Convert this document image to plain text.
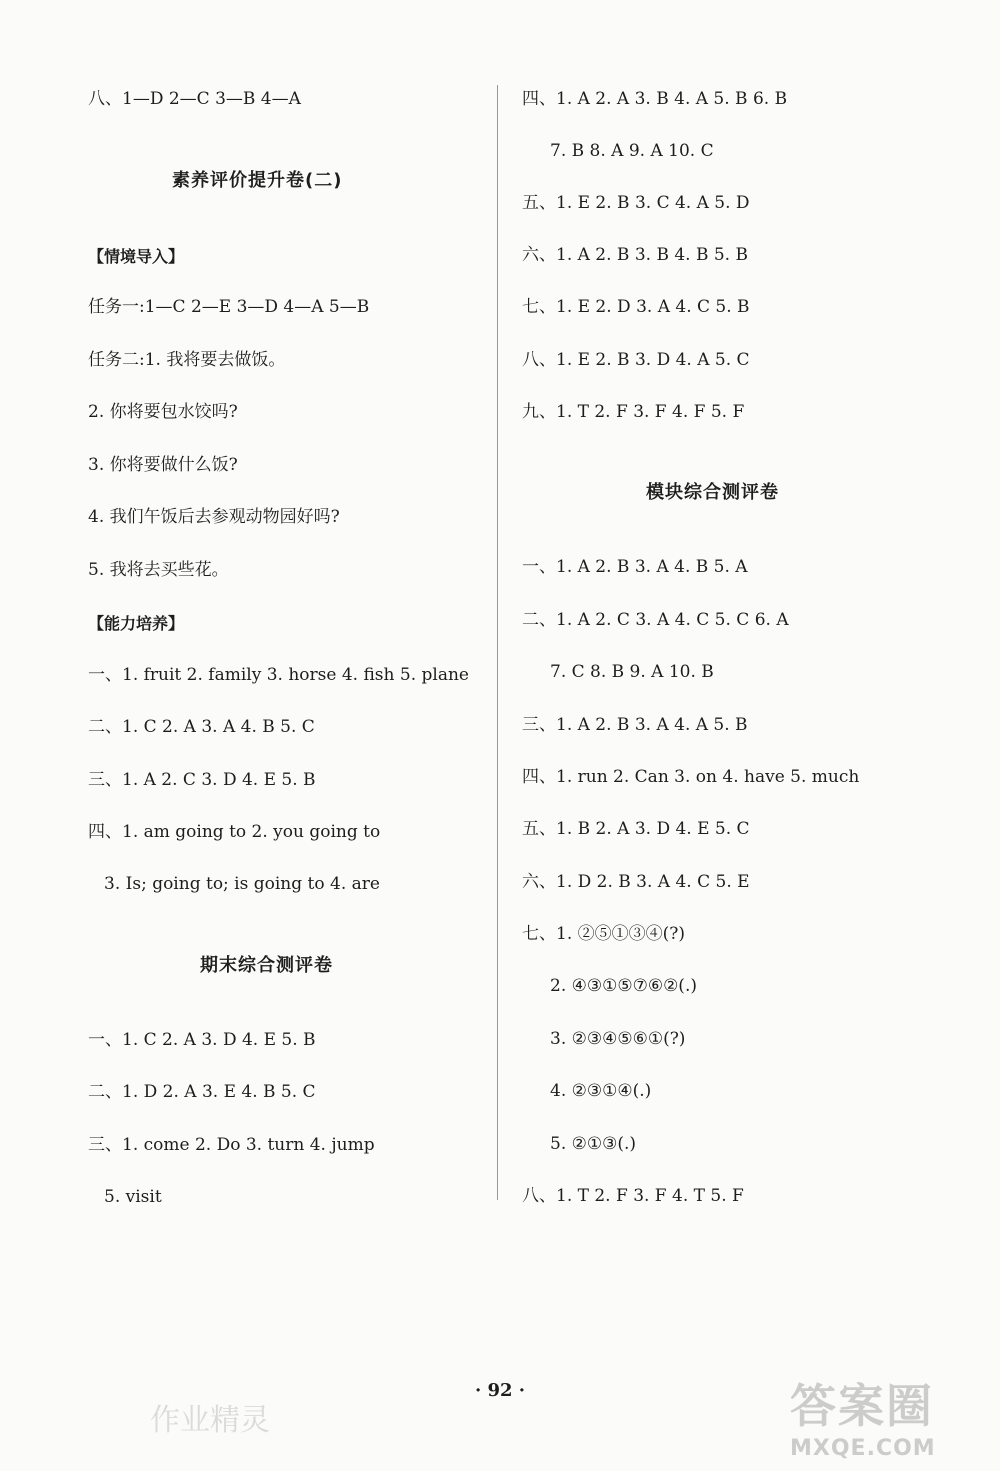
八、1—D 2—C 3—B 4—A
素养评价提升卷(二)
【情境导入】
任务一:1—C 2—E 3—D 4—A 5—B
任务二:1. 我将要去做饭。
2. 你将要包水饺吗?
3. 你将要做什么饭?
4. 我们午饭后去参观动物园好吗?
5. 我将去买些花。
【能力培养】
一、1. fruit 2. family 3. horse 4. fish 5. plane
二、1. C 2. A 3. A 4. B 5. C
三、1. A 2. C 3. D 4. E 5. B
四、1. am going to 2. you going to
3. Is; going to; is going to 4. are
期末综合测评卷
一、1. C 2. A 3. D 4. E 5. B
二、1. D 2. A 3. E 4. B 5. C
三、1. come 2. Do 3. turn 4. jump
5. visit
四、1. A 2. A 3. B 4. A 5. B 6. B
7. B 8. A 9. A 10. C
五、1. E 2. B 3. C 4. A 5. D
六、1. A 2. B 3. B 4. B 5. B
七、1. E 2. D 3. A 4. C 5. B
八、1. E 2. B 3. D 4. A 5. C
九、1. T 2. F 3. F 4. F 5. F
模块综合测评卷
一、1. A 2. B 3. A 4. B 5. A
二、1. A 2. C 3. A 4. C 5. C 6. A
7. C 8. B 9. A 10. B
三、1. A 2. B 3. A 4. A 5. B
四、1. run 2. Can 3. on 4. have 5. much
五、1. B 2. A 3. D 4. E 5. C
六、1. D 2. B 3. A 4. C 5. E
七、1. ②⑤①③④(?)
2. ④③①⑤⑦⑥②(.)
3. ②③④⑤⑥①(?)
4. ②③①④(.)
5. ②①③(.)
八、1. T 2. F 3. F 4. T 5. F
· 92 ·
作业精灵	答案圈
MXQE.COM
